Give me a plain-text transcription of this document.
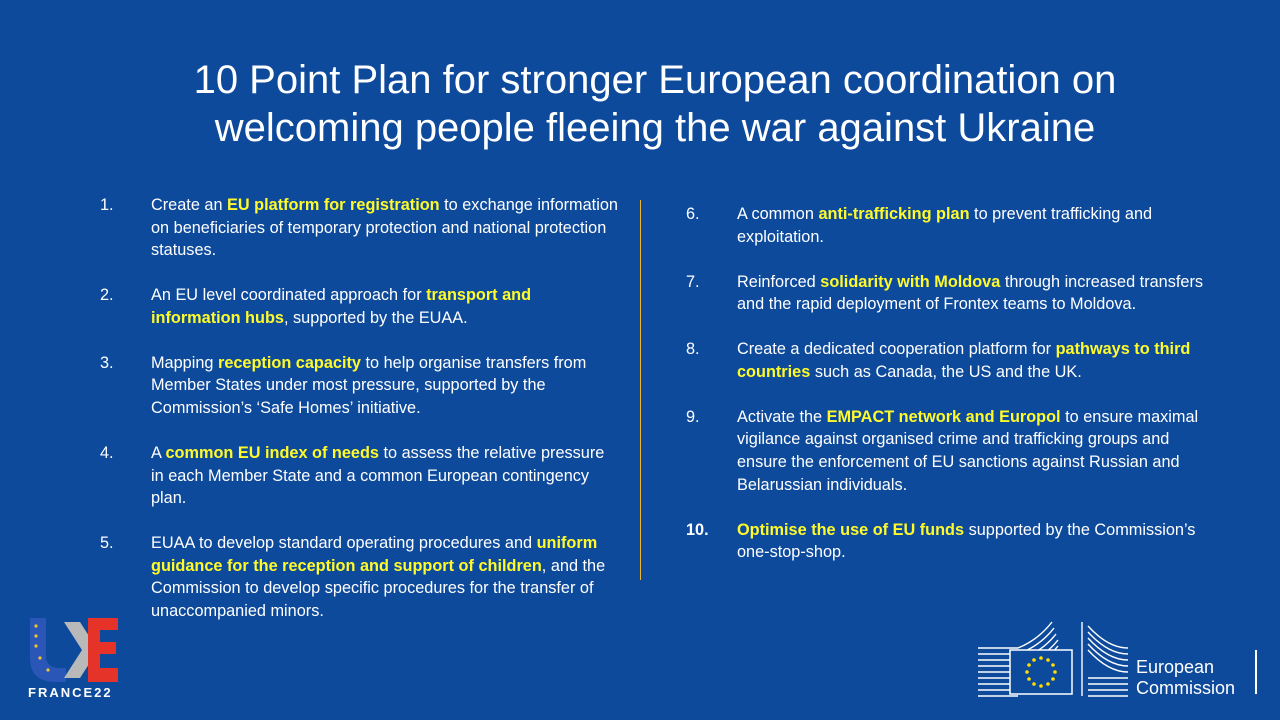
10 Point Plan for stronger European coordination on
welcoming people fleeing the war against Ukraine
1. Create an EU platform for registration to exchange information on beneficiaries of temporary protection and national protection statuses.
2. An EU level coordinated approach for transport and information hubs, supported by the EUAA.
3. Mapping reception capacity to help organise transfers from Member States under most pressure, supported by the Commission’s ‘Safe Homes’ initiative.
4. A common EU index of needs to assess the relative pressure in each Member State and a common European contingency plan.
5. EUAA to develop standard operating procedures and uniform guidance for the reception and support of children, and the Commission to develop specific procedures for the transfer of unaccompanied minors.
6. A common anti-trafficking plan to prevent trafficking and exploitation.
7. Reinforced solidarity with Moldova through increased transfers and the rapid deployment of Frontex teams to Moldova.
8. Create a dedicated cooperation platform for pathways to third countries such as Canada, the US and the UK.
9. Activate the EMPACT network and Europol to ensure maximal vigilance against organised crime and trafficking groups and ensure the enforcement of EU sanctions against Russian and Belarussian individuals.
10. Optimise the use of EU funds supported by the Commission’s one-stop-shop.
FRANCE22
European
Commission
